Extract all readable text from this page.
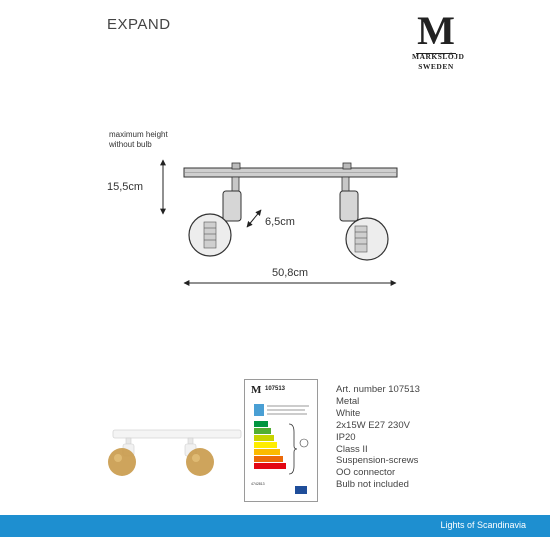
EXPAND	M
MARKSLÖJD
SWEDEN
maximum height
without bulb
15,5cm
6,5cm
50,8cm
M 107513
4742813
Art. number 107513
Metal
White
2x15W E27 230V
IP20
Class II
Suspension-screws
OO connector
Bulb not included
Lights of Scandinavia
